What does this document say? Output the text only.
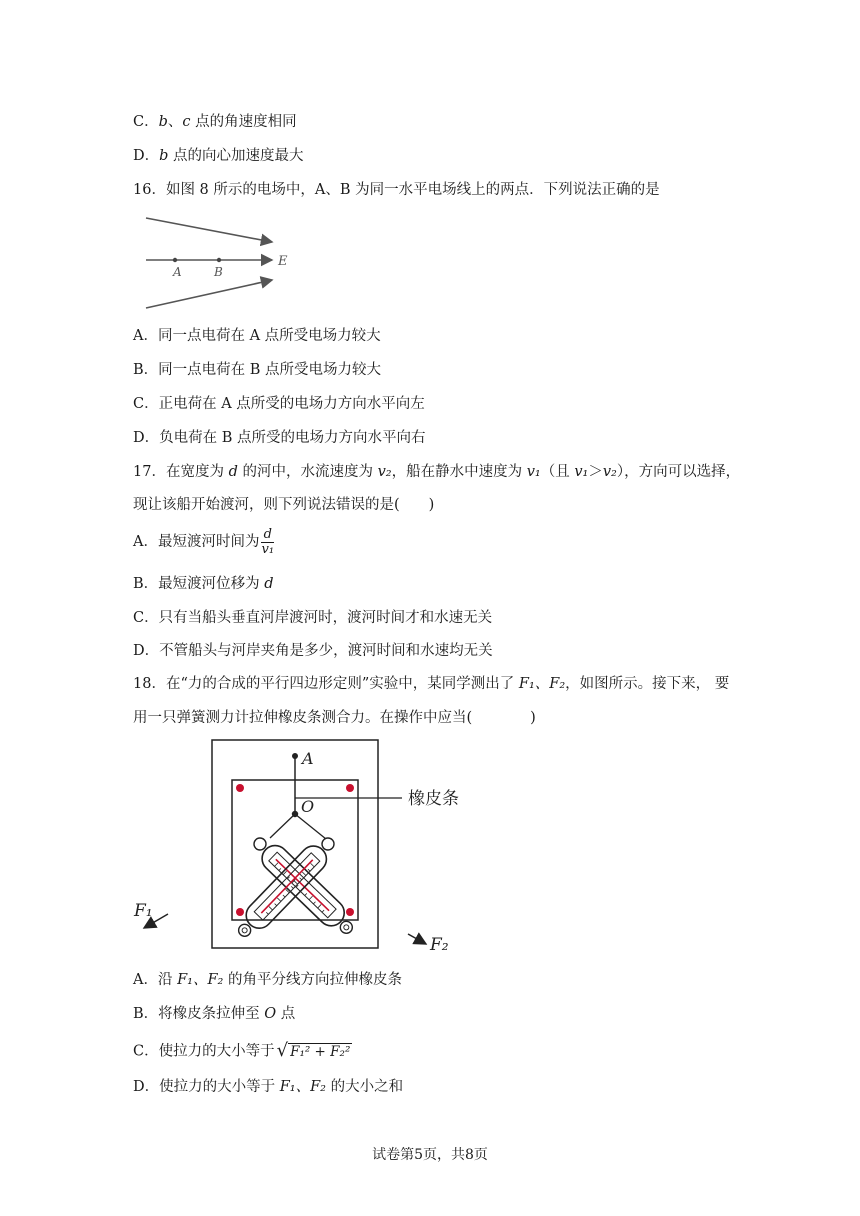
C．b、c 点的角速度相同
D．b 点的向心加速度最大
16．如图 8 所示的电场中，A、B 为同一水平电场线上的两点．下列说法正确的是
A	B
E
A．同一点电荷在 A 点所受电场力较大
B．同一点电荷在 B 点所受电场力较大
C．正电荷在 A 点所受的电场力方向水平向左
D．负电荷在 B 点所受的电场力方向水平向右
17．在宽度为 d 的河中，水流速度为 v₂，船在静水中速度为 v₁（且 v₁＞v₂），方向可以选择，
现让该船开始渡河，则下列说法错误的是(　　)
A．最短渡河时间为 $\frac{d}{\text{v₁}}$
B．最短渡河位移为 d
C．只有当船头垂直河岸渡河时，渡河时间才和水速无关
D．不管船头与河岸夹角是多少，渡河时间和水速均无关
18．在“力的合成的平行四边形定则”实验中，某同学测出了 F₁、F₂，如图所示。接下来， 要
用一只弹簧测力计拉伸橡皮条测合力。在操作中应当(　　　　)
A
O	橡皮条
F₁
F₂
A．沿 F₁、F₂ 的角平分线方向拉伸橡皮条
B．将橡皮条拉伸至 O 点
C．使拉力的大小等于 √ F₁² + F₂²
D．使拉力的大小等于 F₁、F₂ 的大小之和
试卷第5页，共8页
